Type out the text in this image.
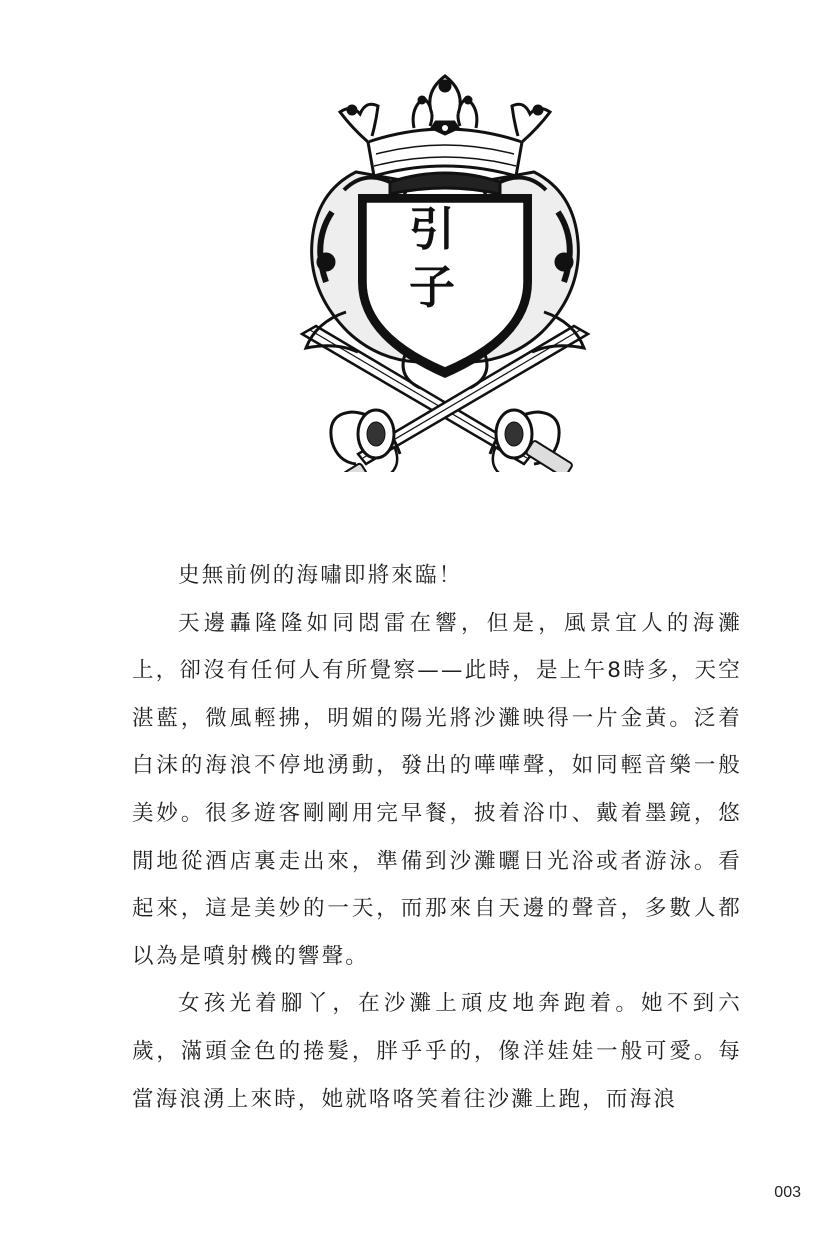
引
子

史無前例的海嘯即將來臨！

天邊轟隆隆如同悶雷在響，但是，風景宜人的海灘上，卻沒有任何人有所覺察——此時，是上午8時多，天空湛藍，微風輕拂，明媚的陽光將沙灘映得一片金黃。泛着白沫的海浪不停地湧動，發出的嘩嘩聲，如同輕音樂一般美妙。很多遊客剛剛用完早餐，披着浴巾、戴着墨鏡，悠閒地從酒店裏走出來，準備到沙灘曬日光浴或者游泳。看起來，這是美妙的一天，而那來自天邊的聲音，多數人都以為是噴射機的響聲。

女孩光着腳丫，在沙灘上頑皮地奔跑着。她不到六歲，滿頭金色的捲髮，胖乎乎的，像洋娃娃一般可愛。每當海浪湧上來時，她就咯咯笑着往沙灘上跑，而海浪

003
